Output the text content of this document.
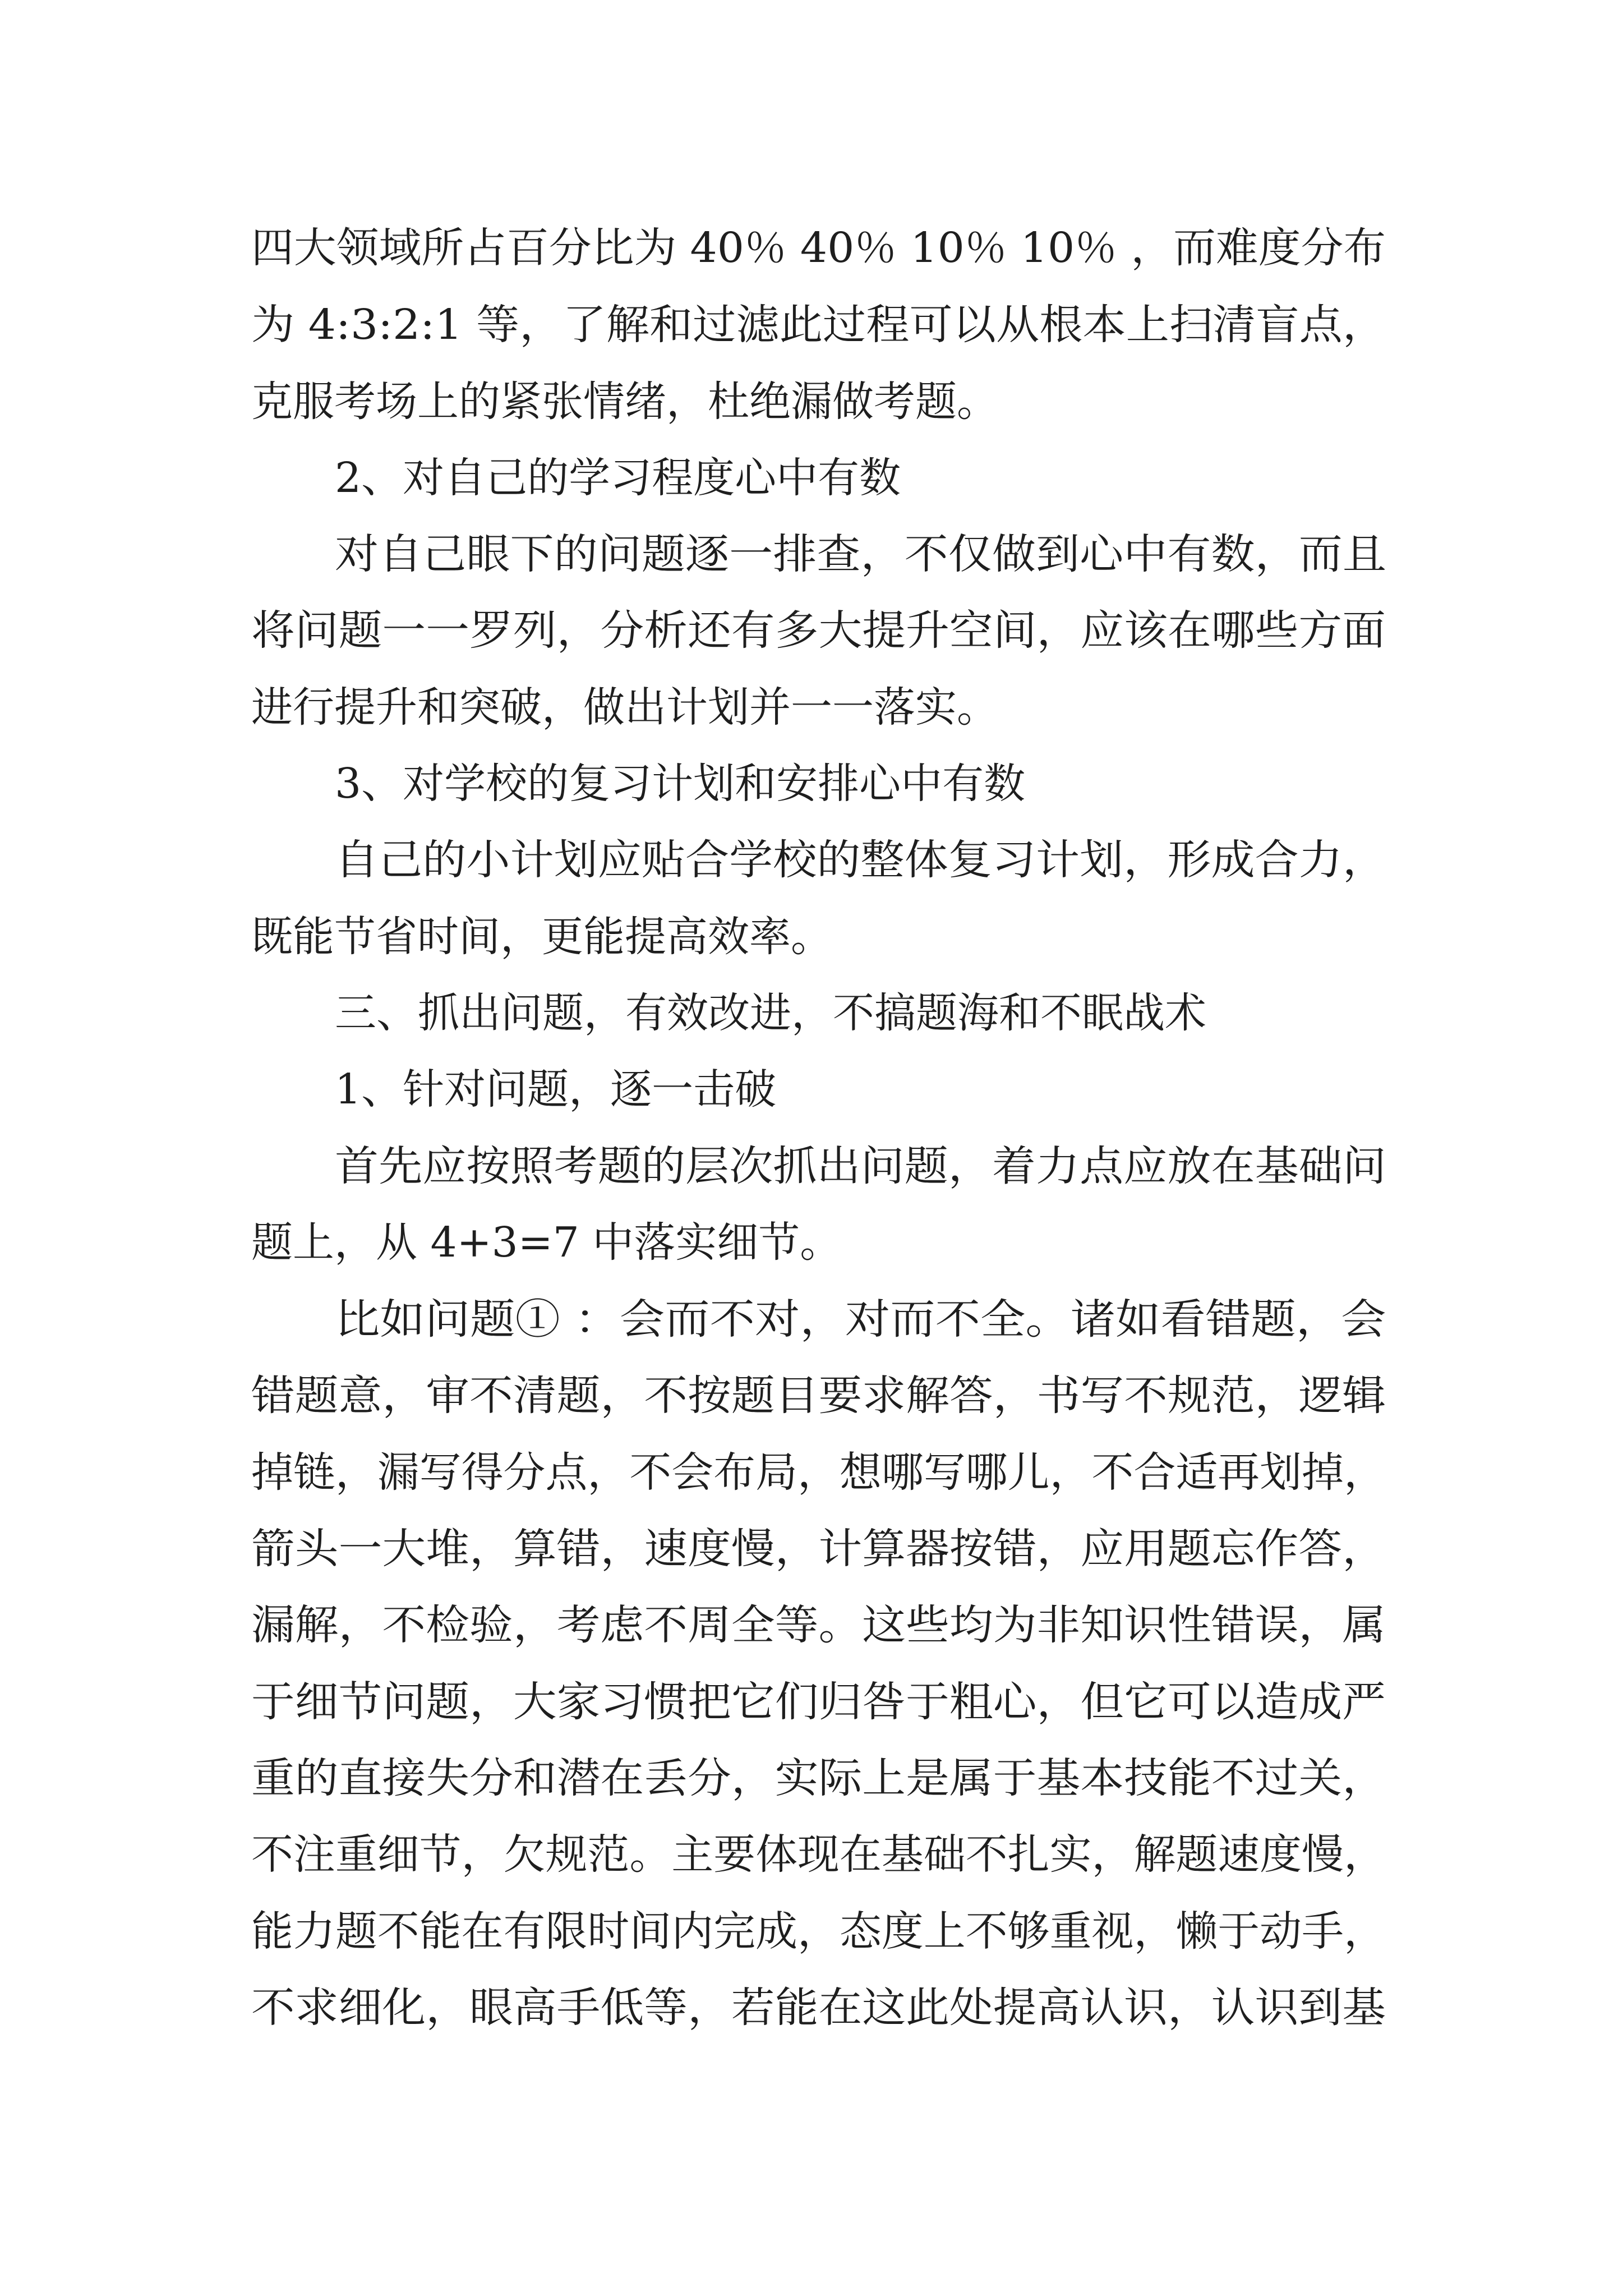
四大领域所占百分比为 40％ 40％ 10％ 10％ ，而难度分布
为 4:3:2:1 等，了解和过滤此过程可以从根本上扫清盲点，
克服考场上的紧张情绪，杜绝漏做考题。
2、对自己的学习程度心中有数
对自己眼下的问题逐一排查，不仅做到心中有数，而且
将问题一一罗列，分析还有多大提升空间，应该在哪些方面
进行提升和突破，做出计划并一一落实。
3、对学校的复习计划和安排心中有数
自己的小计划应贴合学校的整体复习计划，形成合力，
既能节省时间，更能提高效率。
三、抓出问题，有效改进，不搞题海和不眠战术
1、针对问题，逐一击破
首先应按照考题的层次抓出问题，着力点应放在基础问
题上，从 4+3=7 中落实细节。
比如问题① ：会而不对，对而不全。诸如看错题，会
错题意，审不清题，不按题目要求解答，书写不规范，逻辑
掉链，漏写得分点，不会布局，想哪写哪儿，不合适再划掉，
箭头一大堆，算错，速度慢，计算器按错，应用题忘作答，
漏解，不检验，考虑不周全等。这些均为非知识性错误，属
于细节问题，大家习惯把它们归咎于粗心，但它可以造成严
重的直接失分和潜在丢分，实际上是属于基本技能不过关，
不注重细节，欠规范。主要体现在基础不扎实，解题速度慢，
能力题不能在有限时间内完成，态度上不够重视，懒于动手，
不求细化，眼高手低等，若能在这此处提高认识，认识到基
